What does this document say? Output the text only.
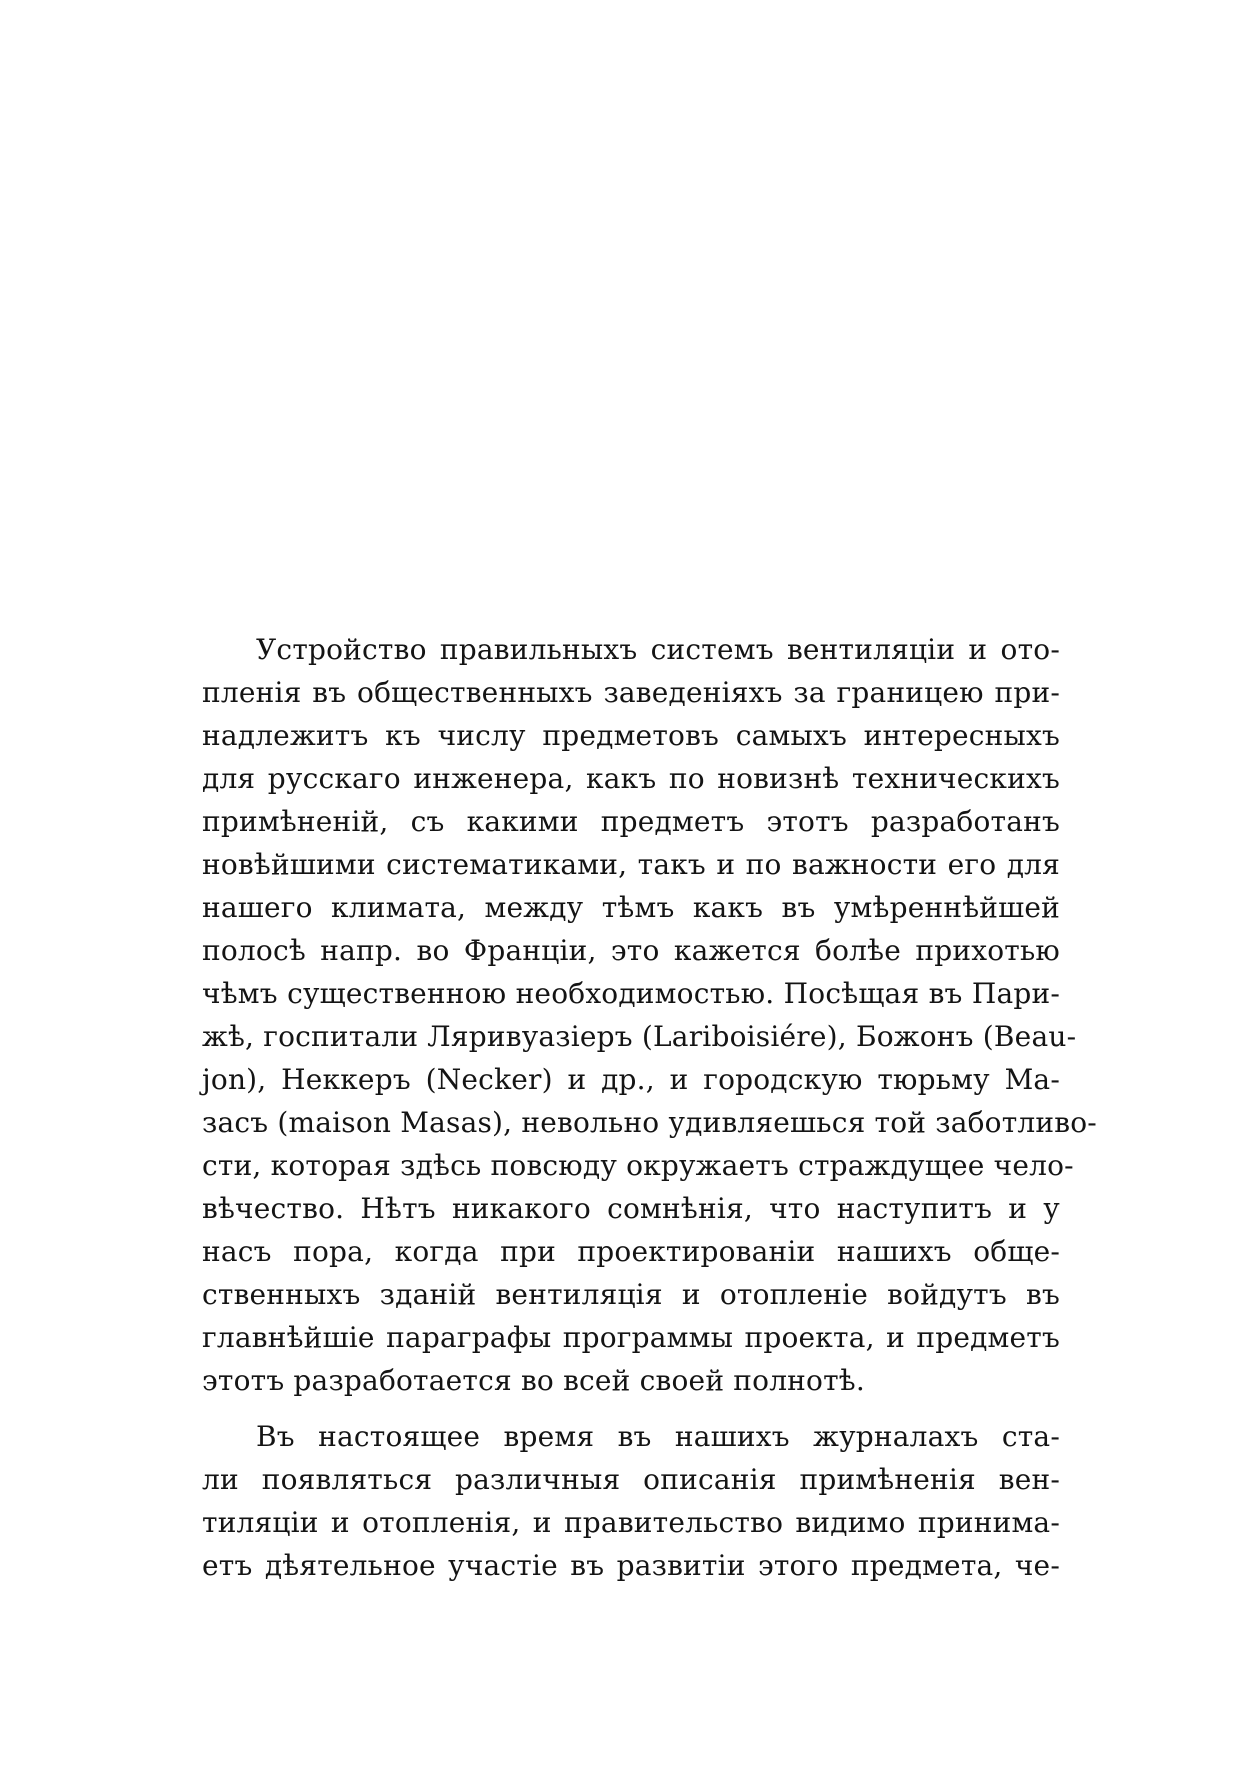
Устройство правильныхъ системъ вентиляціи и ото-
пленія въ общественныхъ заведеніяхъ за границею при-
надлежитъ къ числу предметовъ самыхъ интересныхъ
для русскаго инженера, какъ по новизнѣ техническихъ
примѣненій, съ какими предметъ этотъ разработанъ
новѣйшими систематиками, такъ и по важности его для
нашего климата, между тѣмъ какъ въ умѣреннѣйшей
полосѣ напр. во Франціи, это кажется болѣе прихотью
чѣмъ существенною необходимостью. Посѣщая въ Пари-
жѣ, госпитали Ляривуазіеръ (Lariboisiére), Божонъ (Beau-
jon), Неккеръ (Necker) и др., и городскую тюрьму Ма-
засъ (maison Masas), невольно удивляешься той заботливо-
сти, которая здѣсь повсюду окружаетъ страждущее чело-
вѣчество. Нѣтъ никакого сомнѣнія, что наступитъ и у
насъ пора, когда при проектированіи нашихъ обще-
ственныхъ зданій вентиляція и отопленіе войдутъ въ
главнѣйшіе параграфы программы проекта, и предметъ
этотъ разработается во всей своей полнотѣ.
Въ настоящее время въ нашихъ журналахъ ста-
ли появляться различныя описанія примѣненія вен-
тиляціи и отопленія, и правительство видимо принима-
етъ дѣятельное участіе въ развитіи этого предмета, че-
